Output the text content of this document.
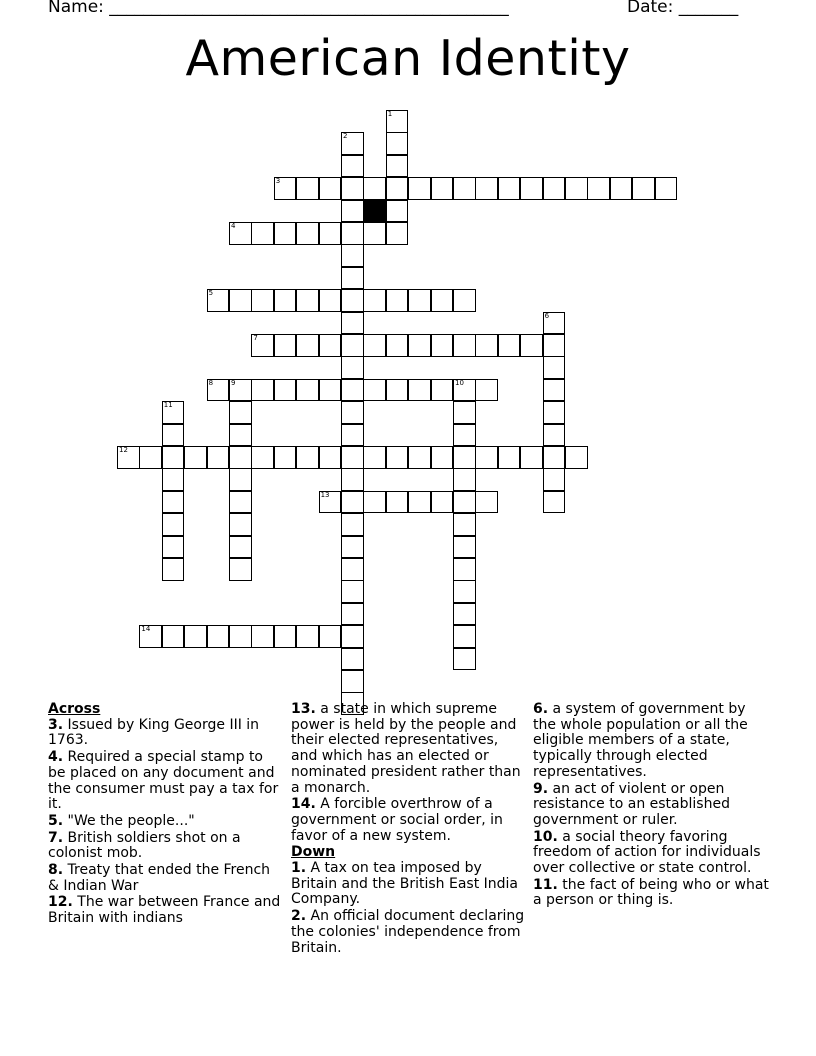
Name: _______________________________________________	Date: _______
American Identity
1
2
3
4
5
6
7
8	9	10
11
12
13
14
Across
3. Issued by King George III in 1763.
4. Required a special stamp to be placed on any document and the consumer must pay a tax for it.
5. "We the people..."
7. British soldiers shot on a colonist mob.
8. Treaty that ended the French & Indian War
12. The war between France and Britain with indians
13. a state in which supreme power is held by the people and their elected representatives, and which has an elected or nominated president rather than a monarch.
14. A forcible overthrow of a government or social order, in favor of a new system.
Down
1. A tax on tea imposed by Britain and the British East India Company.
2. An official document declaring the colonies' independence from Britain.
6. a system of government by the whole population or all the eligible members of a state, typically through elected representatives.
9. an act of violent or open resistance to an established government or ruler.
10. a social theory favoring freedom of action for individuals over collective or state control.
11. the fact of being who or what a person or thing is.
